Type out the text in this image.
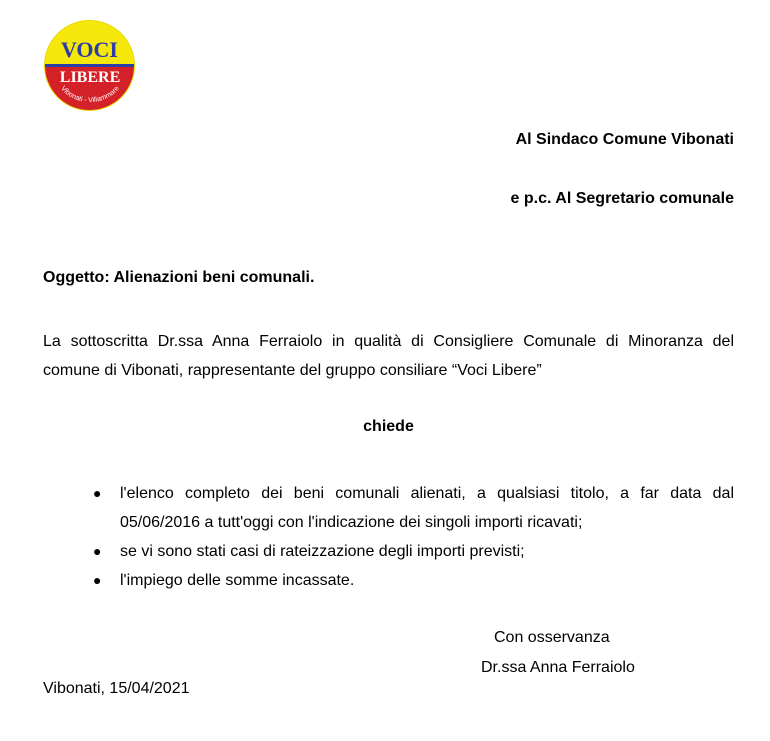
VOCI
LIBERE
Vibonati - Villammare
Al Sindaco Comune Vibonati
e p.c. Al Segretario comunale
Oggetto: Alienazioni beni comunali.
La sottoscritta Dr.ssa Anna Ferraiolo in qualità di Consigliere Comunale di Minoranza del
comune di Vibonati, rappresentante del gruppo consiliare “Voci Libere”
chiede
● l'elenco completo dei beni comunali alienati, a qualsiasi titolo, a far data dal
05/06/2016 a tutt'oggi con l'indicazione dei singoli importi ricavati;
● se vi sono stati casi di rateizzazione degli importi previsti;
● l'impiego delle somme incassate.
Con osservanza
Dr.ssa Anna Ferraiolo
Vibonati, 15/04/2021
